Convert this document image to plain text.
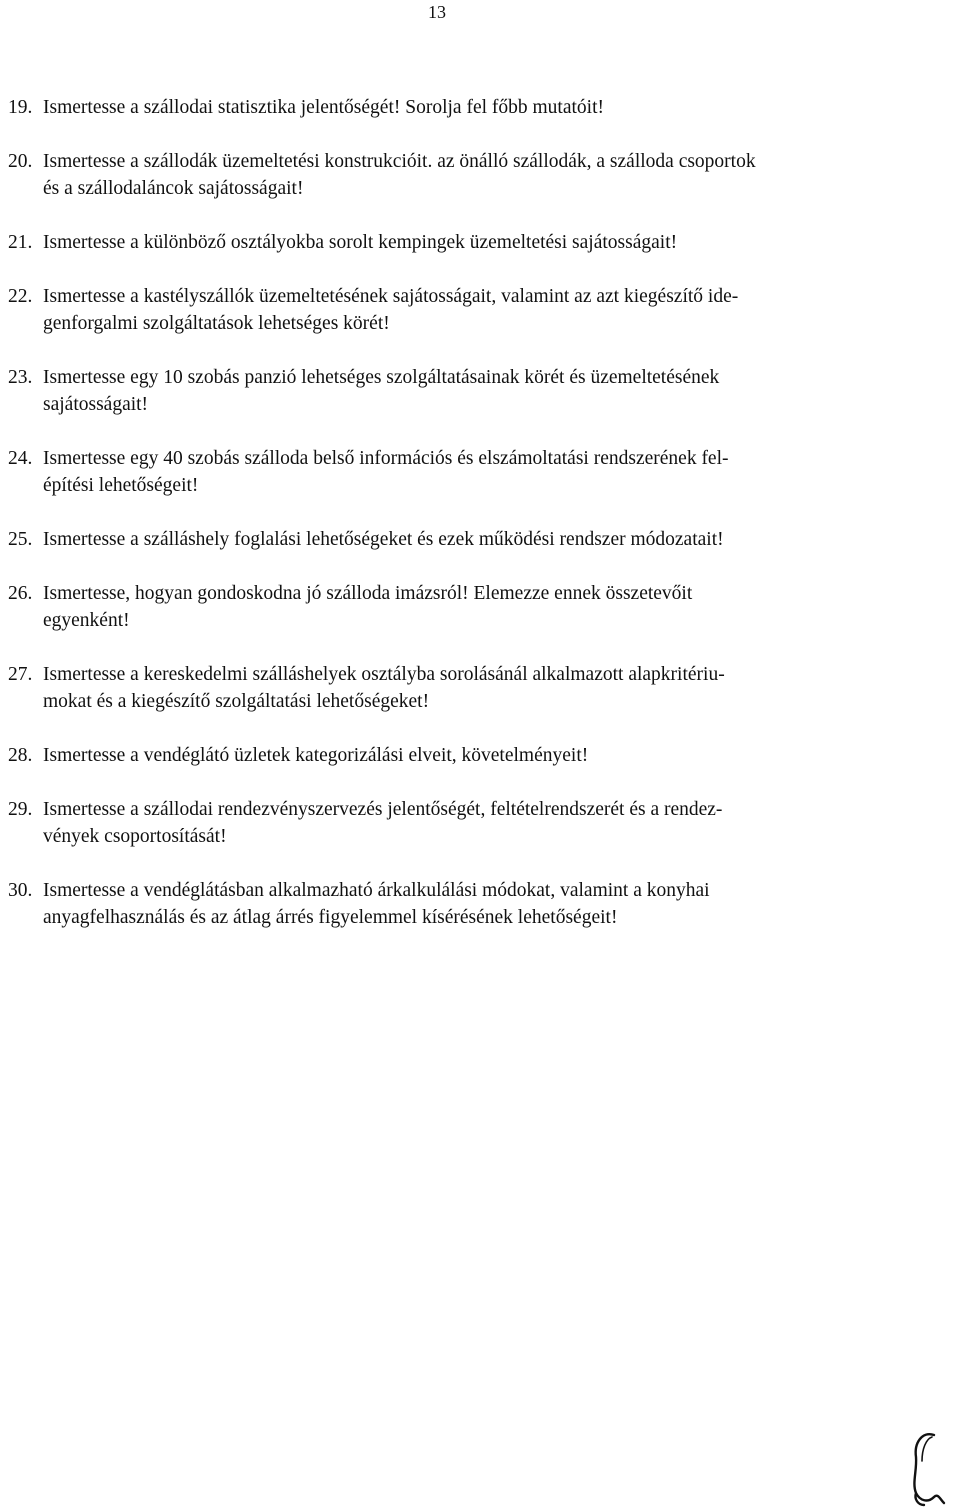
13
19. Ismertesse a szállodai statisztika jelentőségét! Sorolja fel főbb mutatóit!
20. Ismertesse a szállodák üzemeltetési konstrukcióit. az önálló szállodák, a szálloda csoportok
és a szállodaláncok sajátosságait!
21. Ismertesse a különböző osztályokba sorolt kempingek üzemeltetési sajátosságait!
22. Ismertesse a kastélyszállók üzemeltetésének sajátosságait, valamint az azt kiegészítő ide-
genforgalmi szolgáltatások lehetséges körét!
23. Ismertesse egy 10 szobás panzió lehetséges szolgáltatásainak körét és üzemeltetésének
sajátosságait!
24. Ismertesse egy 40 szobás szálloda belső információs és elszámoltatási rendszerének fel-
építési lehetőségeit!
25. Ismertesse a szálláshely foglalási lehetőségeket és ezek működési rendszer módozatait!
26. Ismertesse, hogyan gondoskodna jó szálloda imázsról! Elemezze ennek összetevőit
egyenként!
27. Ismertesse a kereskedelmi szálláshelyek osztályba sorolásánál alkalmazott alapkritériu-
mokat és a kiegészítő szolgáltatási lehetőségeket!
28. Ismertesse a vendéglátó üzletek kategorizálási elveit, követelményeit!
29. Ismertesse a szállodai rendezvényszervezés jelentőségét, feltételrendszerét és a rendez-
vények csoportosítását!
30. Ismertesse a vendéglátásban alkalmazható árkalkulálási módokat, valamint a konyhai
anyagfelhasználás és az átlag árrés figyelemmel kísérésének lehetőségeit!
